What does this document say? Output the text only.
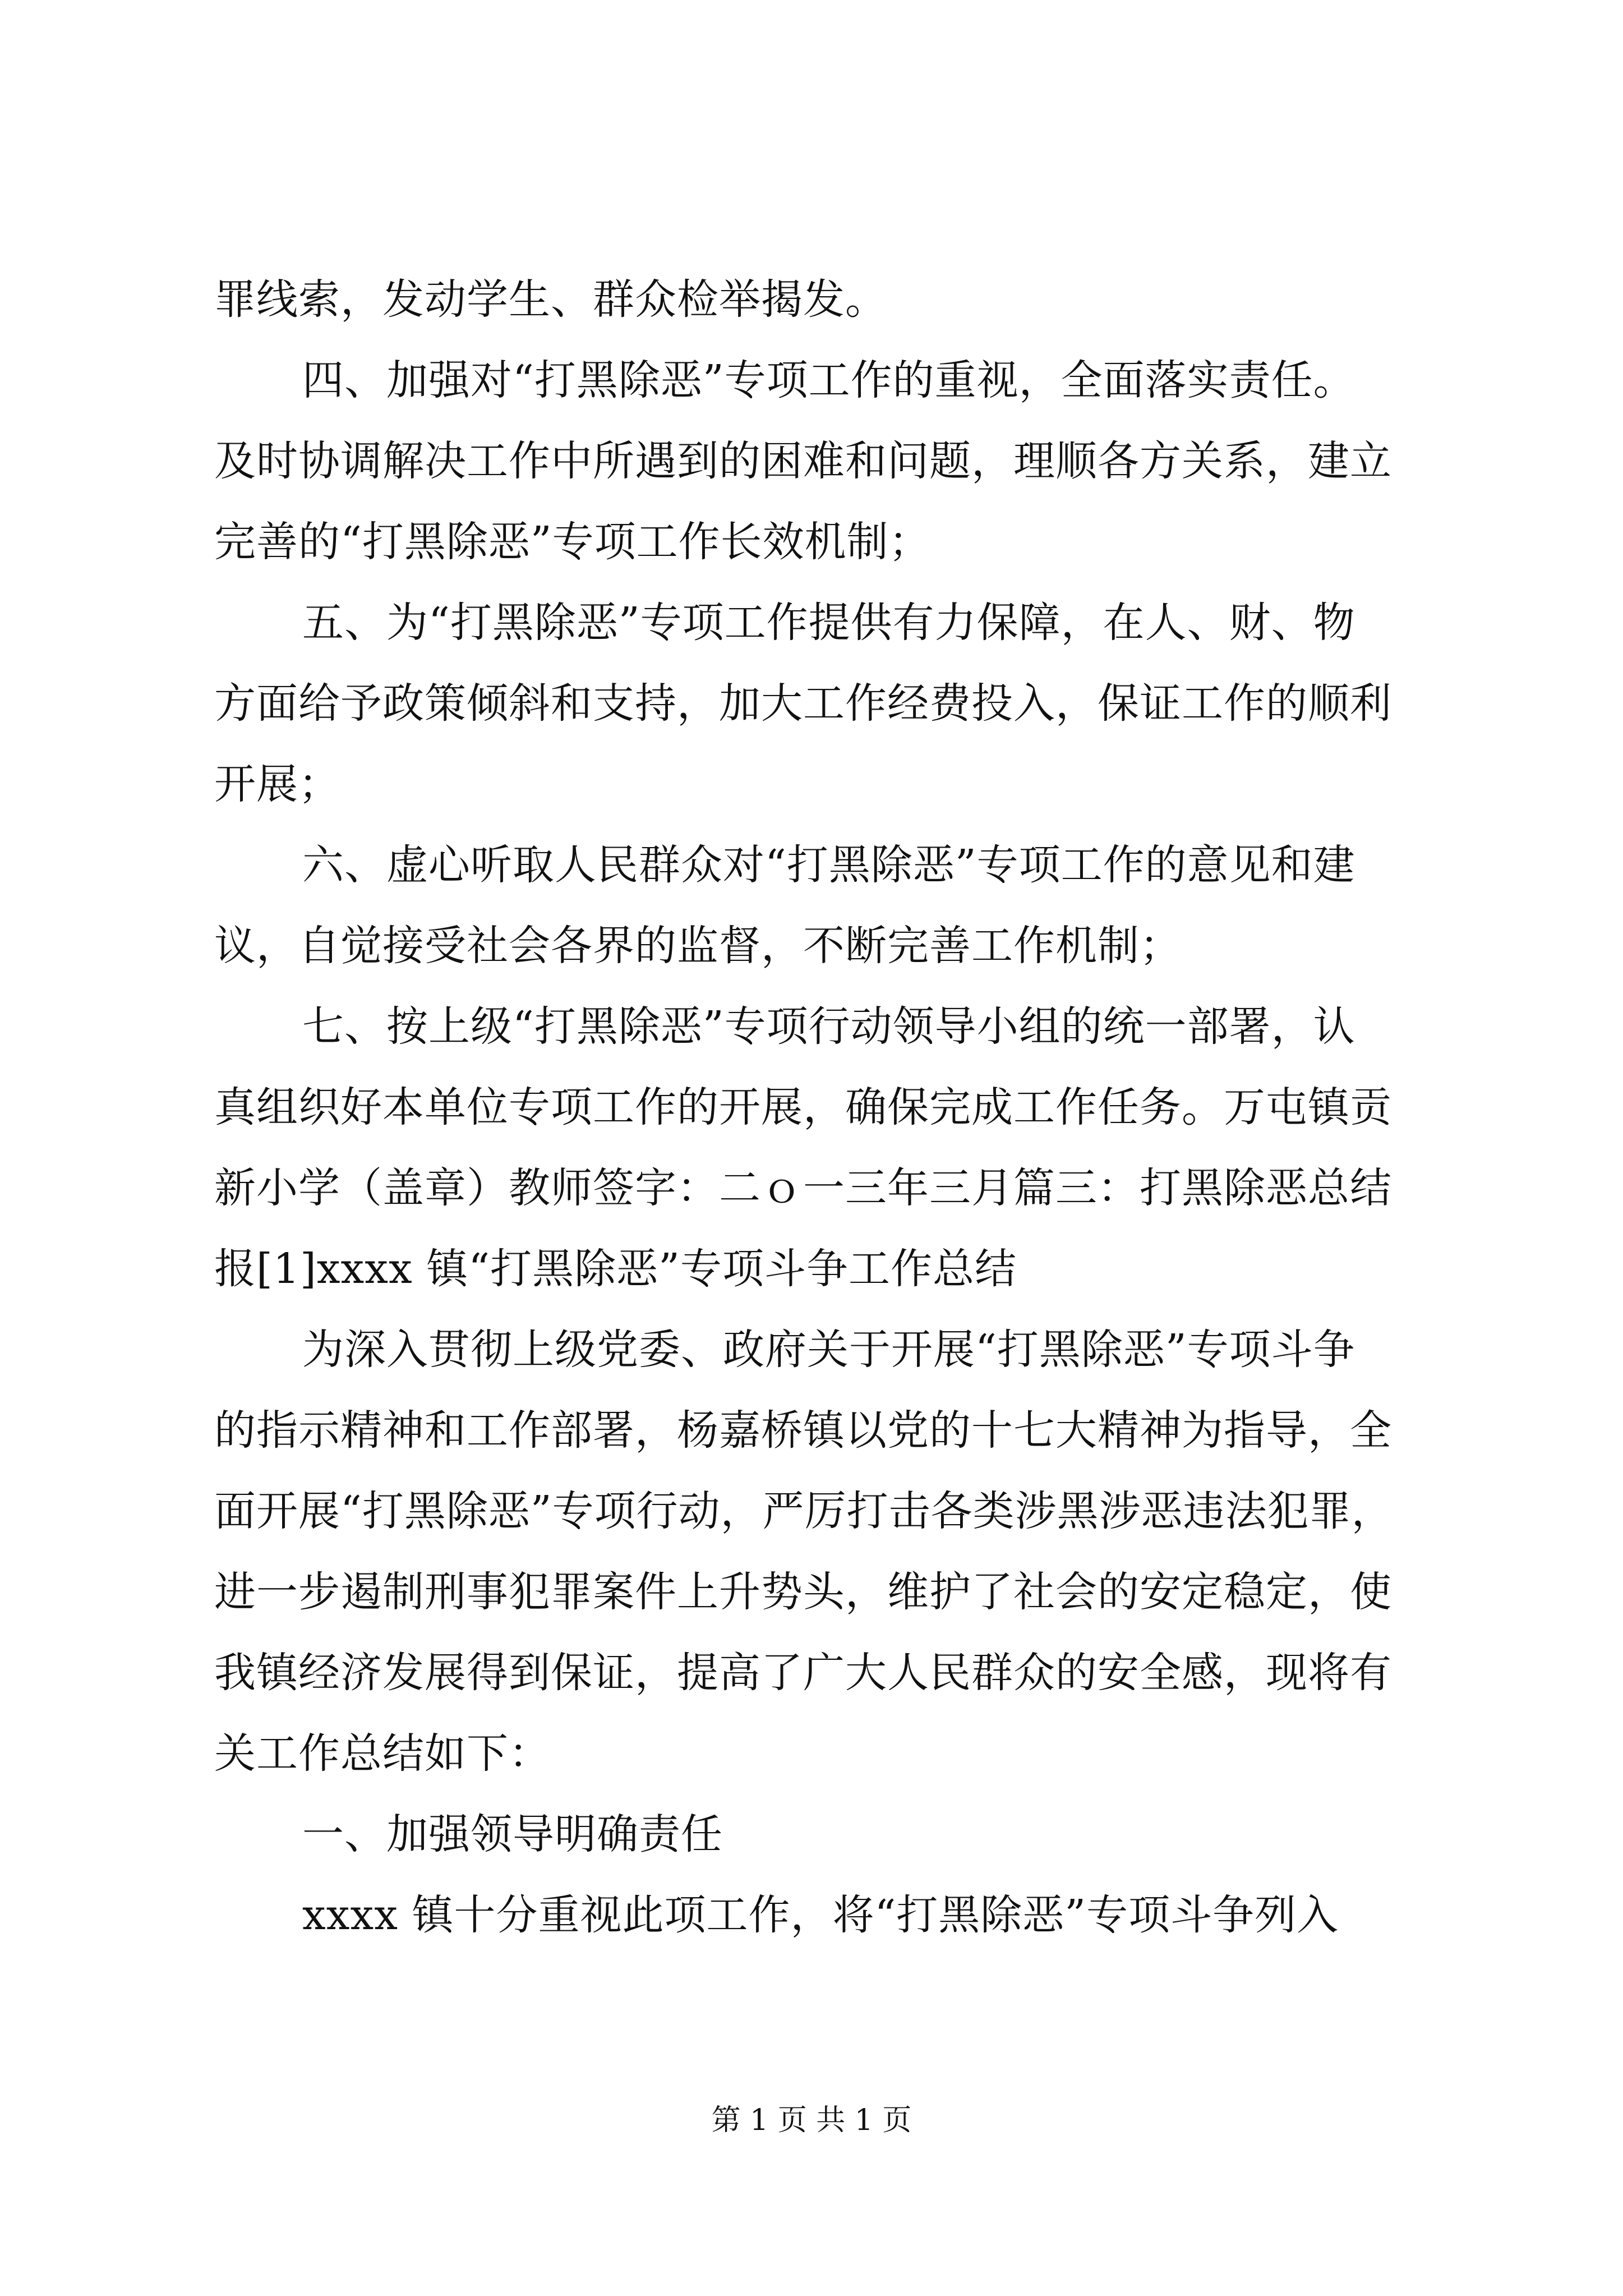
罪线索，发动学生、群众检举揭发。
四、加强对“打黑除恶”专项工作的重视，全面落实责任。
及时协调解决工作中所遇到的困难和问题，理顺各方关系，建立
完善的“打黑除恶”专项工作长效机制；
五、为“打黑除恶”专项工作提供有力保障，在人、财、物
方面给予政策倾斜和支持，加大工作经费投入，保证工作的顺利
开展；
六、虚心听取人民群众对“打黑除恶”专项工作的意见和建
议，自觉接受社会各界的监督，不断完善工作机制；
七、按上级“打黑除恶”专项行动领导小组的统一部署，认
真组织好本单位专项工作的开展，确保完成工作任务。万屯镇贡
新小学（盖章）教师签字：二ｏ一三年三月篇三：打黑除恶总结
报[1]xxxx 镇“打黑除恶”专项斗争工作总结
为深入贯彻上级党委、政府关于开展“打黑除恶”专项斗争
的指示精神和工作部署，杨嘉桥镇以党的十七大精神为指导，全
面开展“打黑除恶”专项行动，严厉打击各类涉黑涉恶违法犯罪，
进一步遏制刑事犯罪案件上升势头，维护了社会的安定稳定，使
我镇经济发展得到保证，提高了广大人民群众的安全感，现将有
关工作总结如下：
一、加强领导明确责任
xxxx 镇十分重视此项工作，将“打黑除恶”专项斗争列入
第 1 页 共 1 页
